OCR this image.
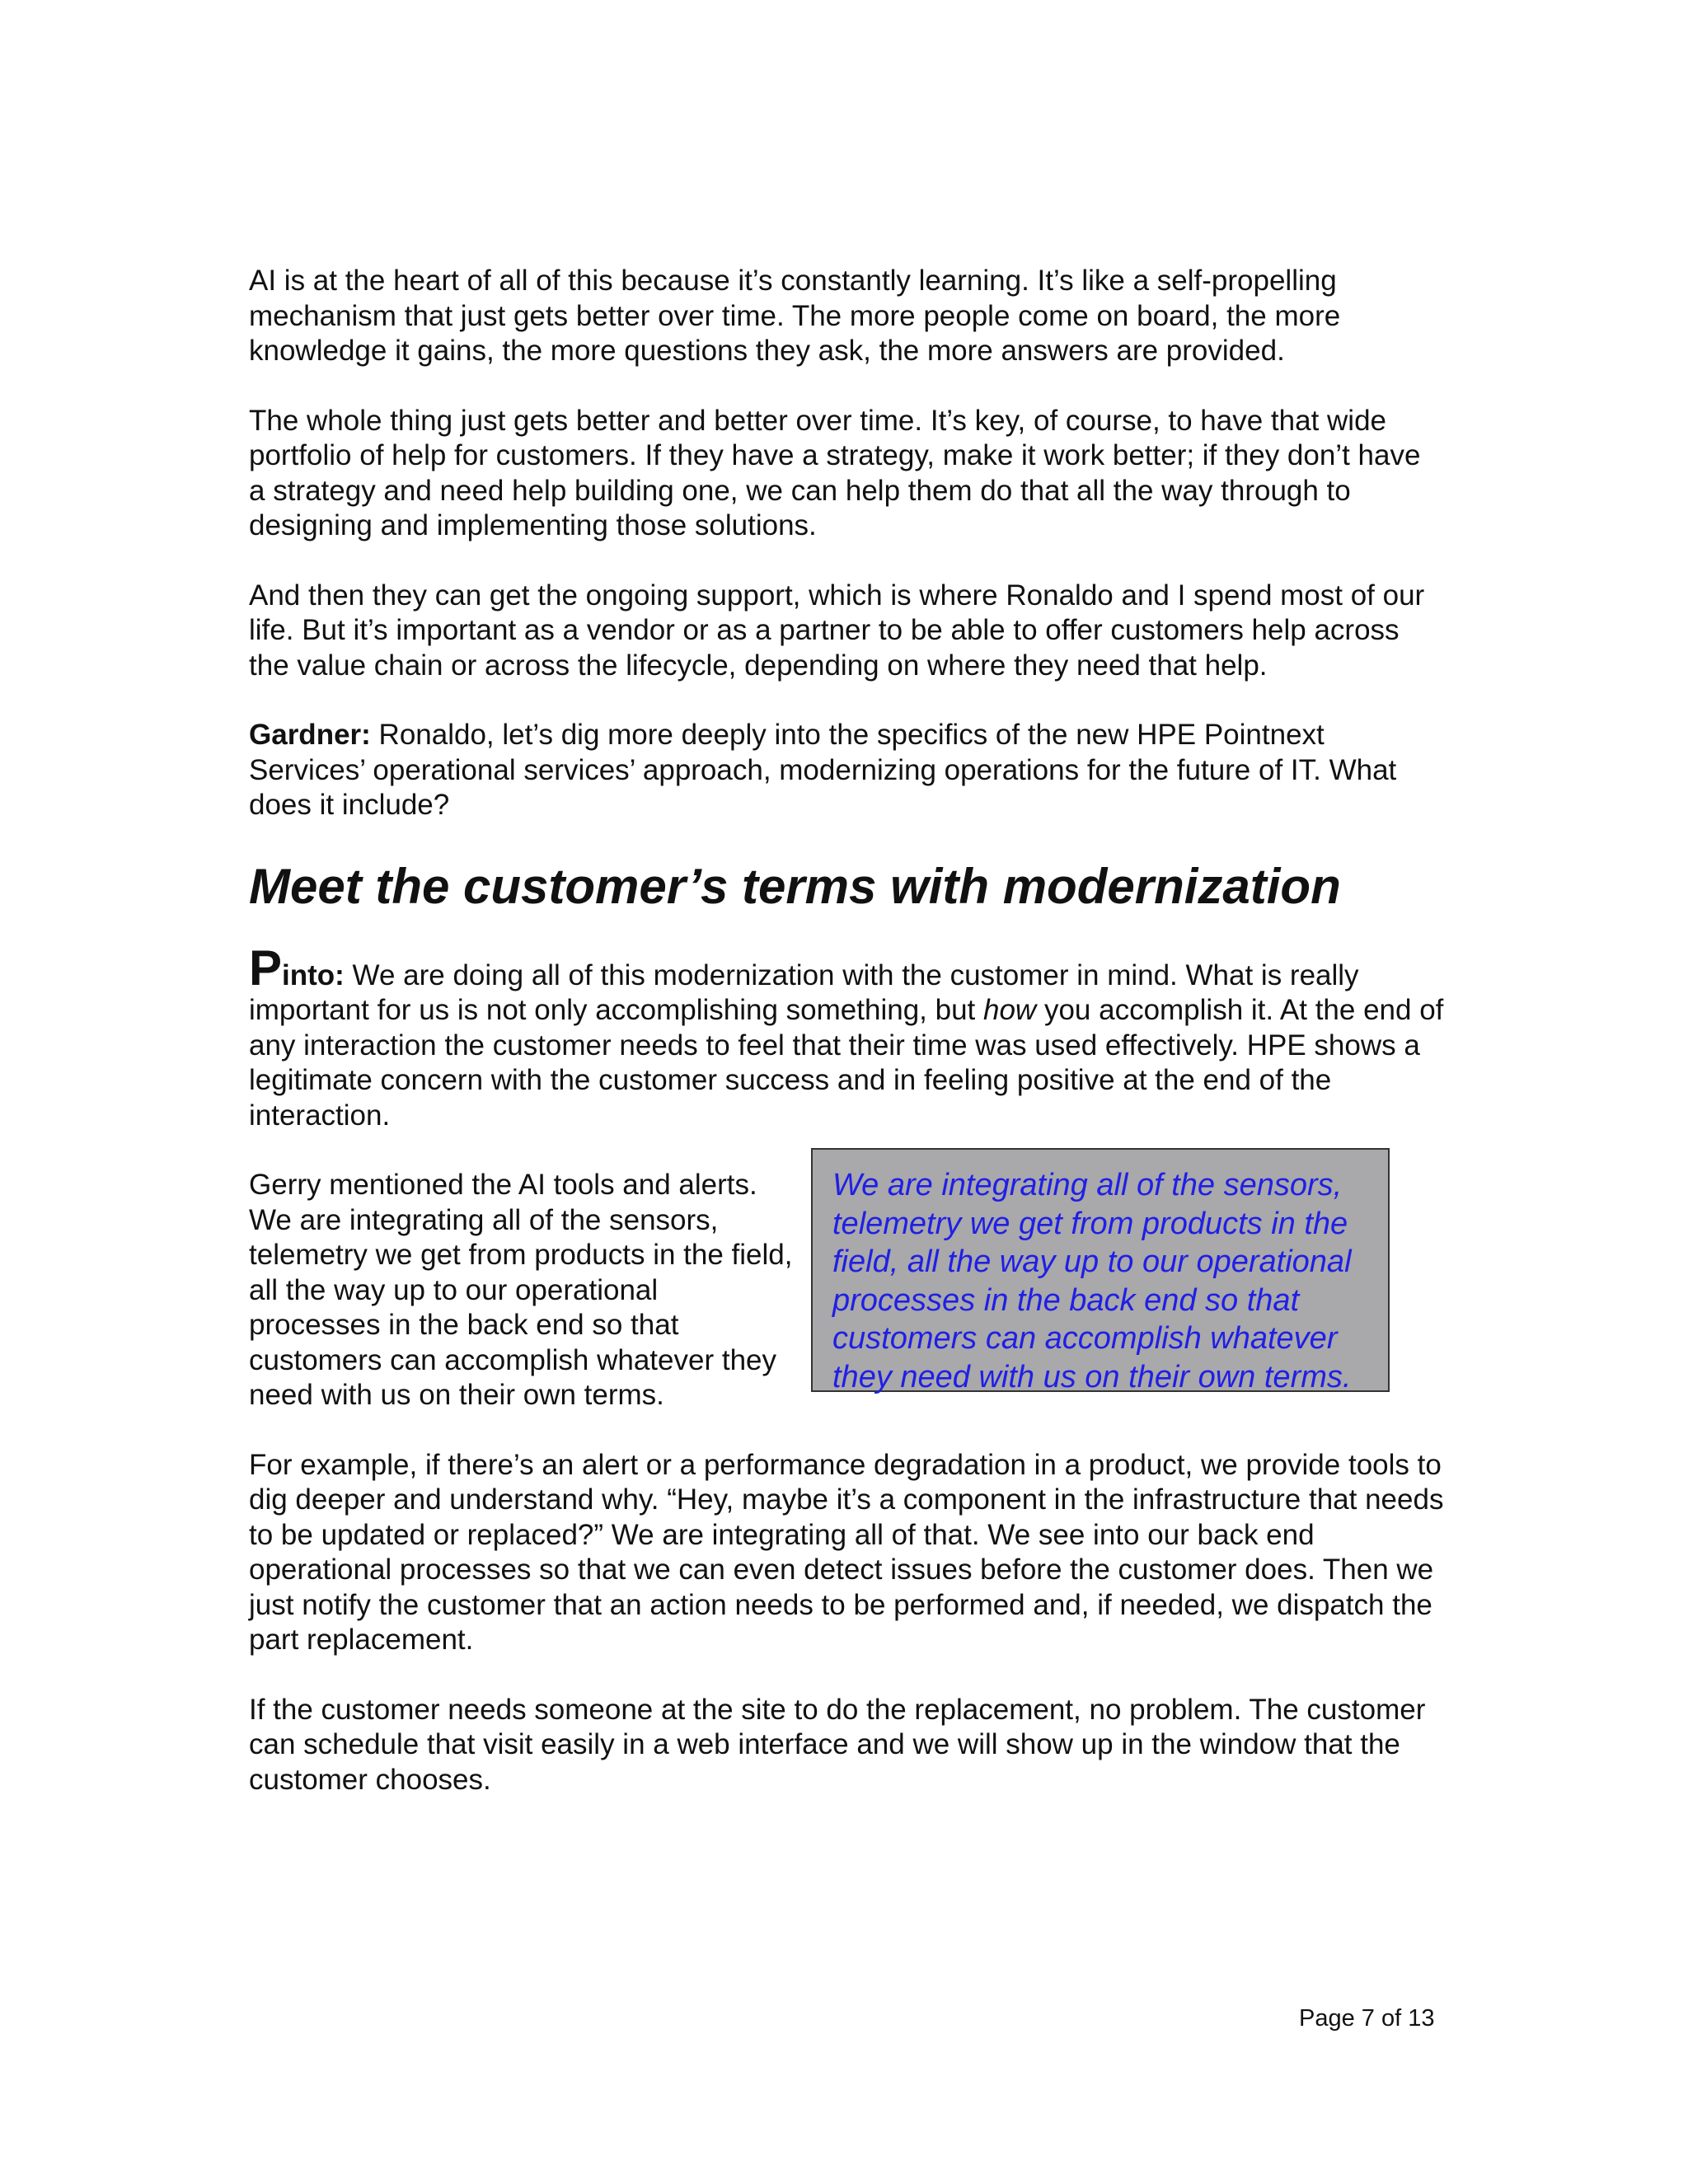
AI is at the heart of all of this because it’s constantly learning. It’s like a self-propelling mechanism that just gets better over time. The more people come on board, the more knowledge it gains, the more questions they ask, the more answers are provided.

The whole thing just gets better and better over time. It’s key, of course, to have that wide portfolio of help for customers. If they have a strategy, make it work better; if they don’t have a strategy and need help building one, we can help them do that all the way through to designing and implementing those solutions.

And then they can get the ongoing support, which is where Ronaldo and I spend most of our life. But it’s important as a vendor or as a partner to be able to offer customers help across the value chain or across the lifecycle, depending on where they need that help.

Gardner: Ronaldo, let’s dig more deeply into the specifics of the new HPE Pointnext Services’ operational services’ approach, modernizing operations for the future of IT. What does it include?

Meet the customer’s terms with modernization

Pinto: We are doing all of this modernization with the customer in mind. What is really important for us is not only accomplishing something, but how you accomplish it. At the end of any interaction the customer needs to feel that their time was used effectively. HPE shows a legitimate concern with the customer success and in feeling positive at the end of the interaction.

Gerry mentioned the AI tools and alerts. We are integrating all of the sensors, telemetry we get from products in the field, all the way up to our operational processes in the back end so that customers can accomplish whatever they need with us on their own terms.
We are integrating all of the sensors, telemetry we get from products in the field, all the way up to our operational processes in the back end so that customers can accomplish whatever they need with us on their own terms.

For example, if there’s an alert or a performance degradation in a product, we provide tools to dig deeper and understand why. “Hey, maybe it’s a component in the infrastructure that needs to be updated or replaced?” We are integrating all of that. We see into our back end operational processes so that we can even detect issues before the customer does. Then we just notify the customer that an action needs to be performed and, if needed, we dispatch the part replacement.

If the customer needs someone at the site to do the replacement, no problem. The customer can schedule that visit easily in a web interface and we will show up in the window that the customer chooses.

Page 7 of 13
